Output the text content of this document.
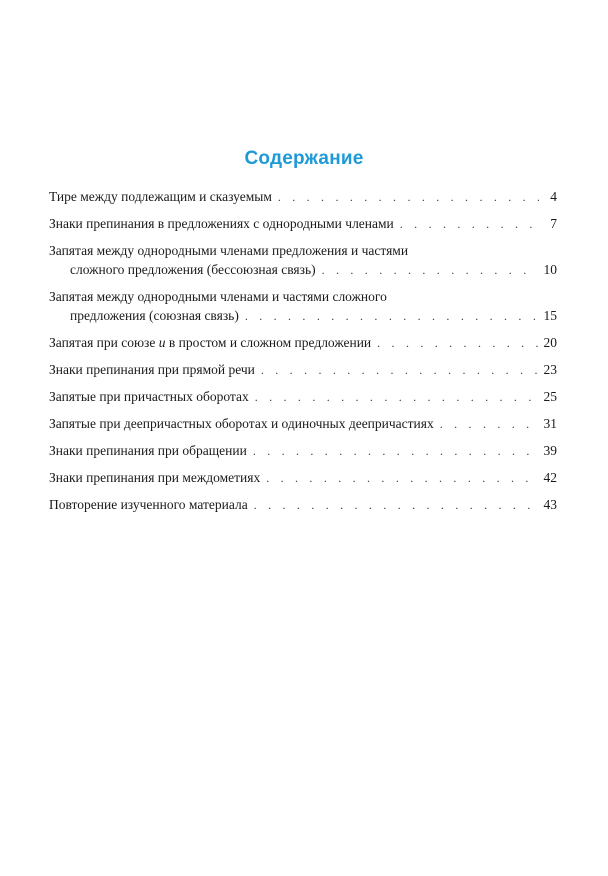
Содержание
Тире между подлежащим и сказуемым . . .	4
Знаки препинания в предложениях с однородными членами . . .	7
Запятая между однородными членами предложения и частями
сложного предложения (бессоюзная связь) . . .	10
Запятая между однородными членами и частями сложного
предложения (союзная связь) . . .	15
Запятая при союзе и в простом и сложном предложении . . .	20
Знаки препинания при прямой речи . . .	23
Запятые при причастных оборотах . . .	25
Запятые при деепричастных оборотах и одиночных деепричастиях . . .	31
Знаки препинания при обращении . . .	39
Знаки препинания при междометиях . . .	42
Повторение изученного материала . . .	43
